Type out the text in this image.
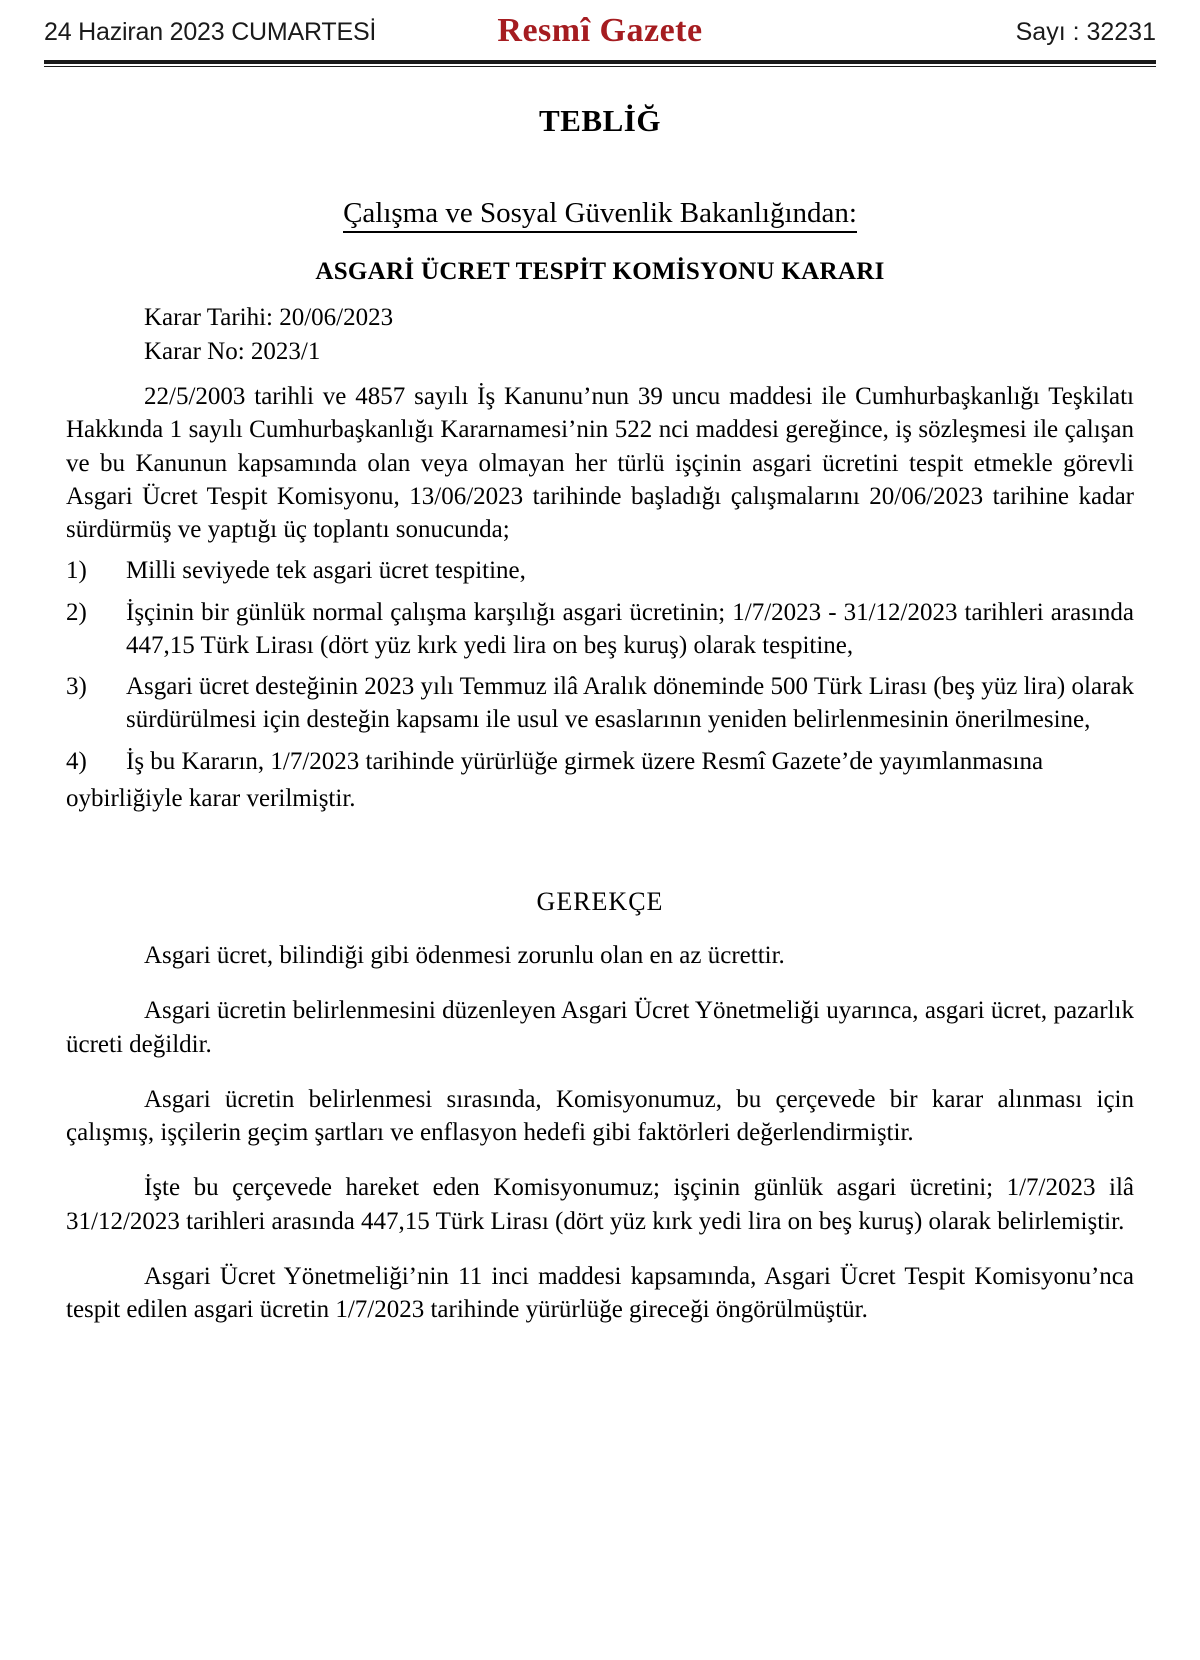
24 Haziran 2023 CUMARTESİ	Resmî Gazete	Sayı : 32231
TEBLİĞ
Çalışma ve Sosyal Güvenlik Bakanlığından:
ASGARİ ÜCRET TESPİT KOMİSYONU KARARI
Karar Tarihi: 20/06/2023
Karar No: 2023/1

22/5/2003 tarihli ve 4857 sayılı İş Kanunu’nun 39 uncu maddesi ile Cumhurbaşkanlığı Teşkilatı Hakkında 1 sayılı Cumhurbaşkanlığı Kararnamesi’nin 522 nci maddesi gereğince, iş sözleşmesi ile çalışan ve bu Kanunun kapsamında olan veya olmayan her türlü işçinin asgari ücretini tespit etmekle görevli Asgari Ücret Tespit Komisyonu, 13/06/2023 tarihinde başladığı çalışmalarını 20/06/2023 tarihine kadar sürdürmüş ve yaptığı üç toplantı sonucunda;

1)	Milli seviyede tek asgari ücret tespitine,
2)	İşçinin bir günlük normal çalışma karşılığı asgari ücretinin; 1/7/2023 - 31/12/2023 tarihleri arasında 447,15 Türk Lirası (dört yüz kırk yedi lira on beş kuruş) olarak tespitine,
3)	Asgari ücret desteğinin 2023 yılı Temmuz ilâ Aralık döneminde 500 Türk Lirası (beş yüz lira) olarak sürdürülmesi için desteğin kapsamı ile usul ve esaslarının yeniden belirlenmesinin önerilmesine,
4)	İş bu Kararın, 1/7/2023 tarihinde yürürlüğe girmek üzere Resmî Gazete’de yayımlanmasına
oybirliğiyle karar verilmiştir.
GEREKÇE

Asgari ücret, bilindiği gibi ödenmesi zorunlu olan en az ücrettir.

Asgari ücretin belirlenmesini düzenleyen Asgari Ücret Yönetmeliği uyarınca, asgari ücret, pazarlık ücreti değildir.

Asgari ücretin belirlenmesi sırasında, Komisyonumuz, bu çerçevede bir karar alınması için çalışmış, işçilerin geçim şartları ve enflasyon hedefi gibi faktörleri değerlendirmiştir.

İşte bu çerçevede hareket eden Komisyonumuz; işçinin günlük asgari ücretini; 1/7/2023 ilâ 31/12/2023 tarihleri arasında 447,15 Türk Lirası (dört yüz kırk yedi lira on beş kuruş) olarak belirlemiştir.

Asgari Ücret Yönetmeliği’nin 11 inci maddesi kapsamında, Asgari Ücret Tespit Komisyonu’nca tespit edilen asgari ücretin 1/7/2023 tarihinde yürürlüğe gireceği öngörülmüştür.
